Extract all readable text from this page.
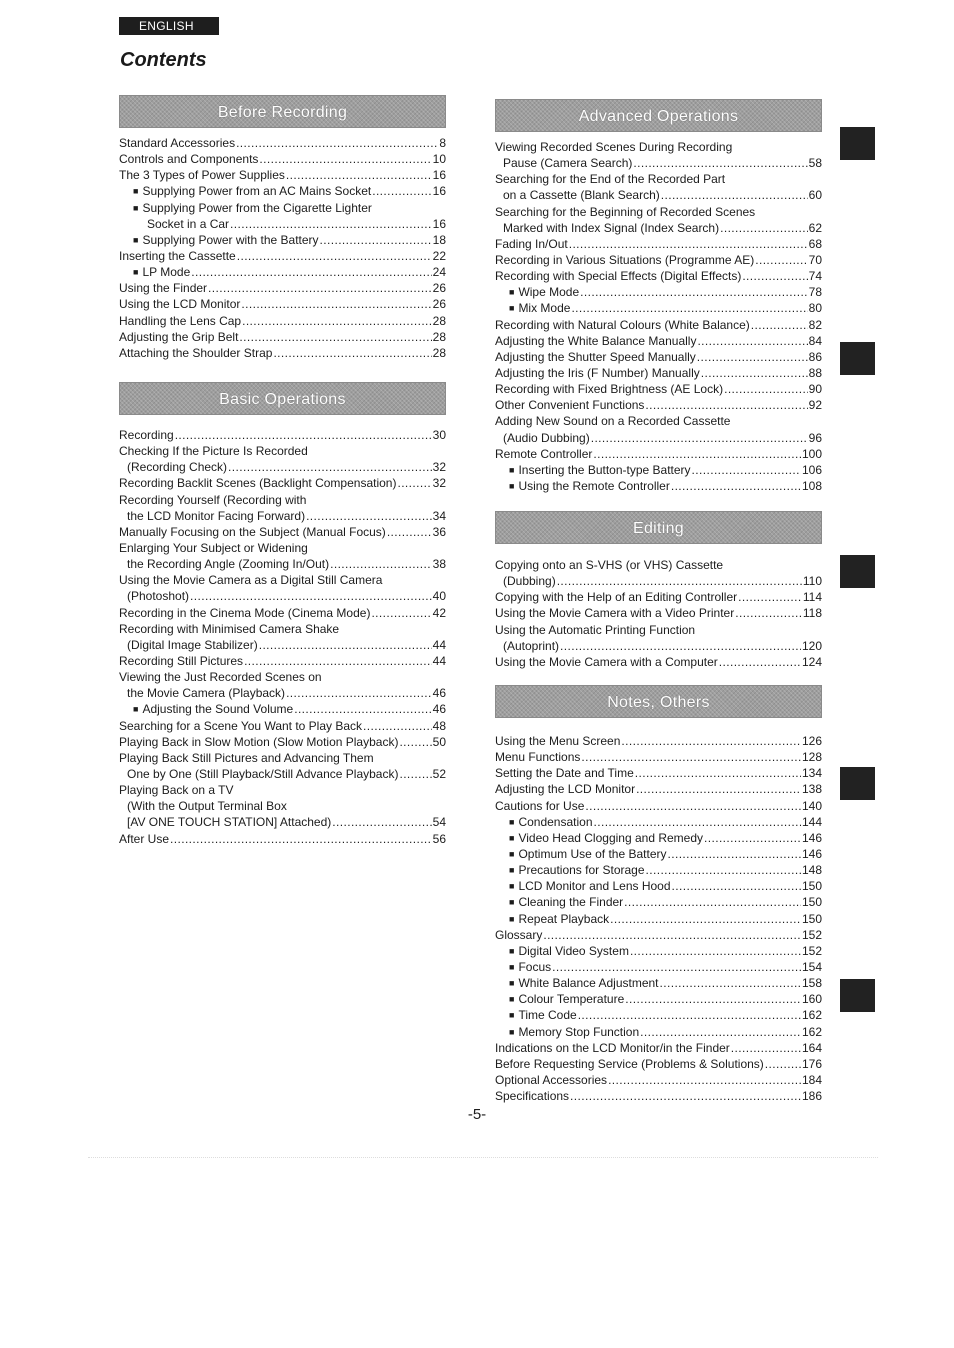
ENGLISH
Contents
Before Recording
Standard Accessories .....	8
Controls and Components .....	10
The 3 Types of Power Supplies .....	16
■ Supplying Power from an AC Mains Socket .....	16
■ Supplying Power from the Cigarette Lighter
Socket in a Car .....	16
■ Supplying Power with the Battery .....	18
Inserting the Cassette .....	22
■ LP Mode .....	24
Using the Finder .....	26
Using the LCD Monitor .....	26
Handling the Lens Cap .....	28
Adjusting the Grip Belt .....	28
Attaching the Shoulder Strap .....	28
Basic Operations
Recording .....	30
Checking If the Picture Is Recorded
(Recording Check) .....	32
Recording Backlit Scenes (Backlight Compensation) .....	32
Recording Yourself (Recording with
the LCD Monitor Facing Forward) .....	34
Manually Focusing on the Subject (Manual Focus) .....	36
Enlarging Your Subject or Widening
the Recording Angle (Zooming In/Out) .....	38
Using the Movie Camera as a Digital Still Camera
(Photoshot) .....	40
Recording in the Cinema Mode (Cinema Mode) .....	42
Recording with Minimised Camera Shake
(Digital Image Stabilizer) .....	44
Recording Still Pictures .....	44
Viewing the Just Recorded Scenes on
the Movie Camera (Playback) .....	46
■ Adjusting the Sound Volume .....	46
Searching for a Scene You Want to Play Back .....	48
Playing Back in Slow Motion (Slow Motion Playback) .....	50
Playing Back Still Pictures and Advancing Them
One by One (Still Playback/Still Advance Playback) .....	52
Playing Back on a TV
(With the Output Terminal Box
[AV ONE TOUCH STATION] Attached) .....	54
After Use .....	56
Advanced Operations
Viewing Recorded Scenes During Recording
Pause (Camera Search) .....	58
Searching for the End of the Recorded Part
on a Cassette (Blank Search) .....	60
Searching for the Beginning of Recorded Scenes
Marked with Index Signal (Index Search) .....	62
Fading In/Out .....	68
Recording in Various Situations (Programme AE) .....	70
Recording with Special Effects (Digital Effects) .....	74
■ Wipe Mode .....	78
■ Mix Mode .....	80
Recording with Natural Colours (White Balance) .....	82
Adjusting the White Balance Manually .....	84
Adjusting the Shutter Speed Manually .....	86
Adjusting the Iris (F Number) Manually .....	88
Recording with Fixed Brightness (AE Lock) .....	90
Other Convenient Functions .....	92
Adding New Sound on a Recorded Cassette
(Audio Dubbing) .....	96
Remote Controller .....	100
■ Inserting the Button-type Battery .....	106
■ Using the Remote Controller .....	108
Editing
Copying onto an S-VHS (or VHS) Cassette
(Dubbing) .....	110
Copying with the Help of an Editing Controller .....	114
Using the Movie Camera with a Video Printer .....	118
Using the Automatic Printing Function
(Autoprint) .....	120
Using the Movie Camera with a Computer .....	124
Notes, Others
Using the Menu Screen .....	126
Menu Functions .....	128
Setting the Date and Time .....	134
Adjusting the LCD Monitor .....	138
Cautions for Use .....	140
■ Condensation .....	144
■ Video Head Clogging and Remedy .....	146
■ Optimum Use of the Battery .....	146
■ Precautions for Storage .....	148
■ LCD Monitor and Lens Hood .....	150
■ Cleaning the Finder .....	150
■ Repeat Playback .....	150
Glossary .....	152
■ Digital Video System .....	152
■ Focus .....	154
■ White Balance Adjustment .....	158
■ Colour Temperature .....	160
■ Time Code .....	162
■ Memory Stop Function .....	162
Indications on the LCD Monitor/in the Finder .....	164
Before Requesting Service (Problems & Solutions) .....	176
Optional Accessories .....	184
Specifications .....	186

-5-
